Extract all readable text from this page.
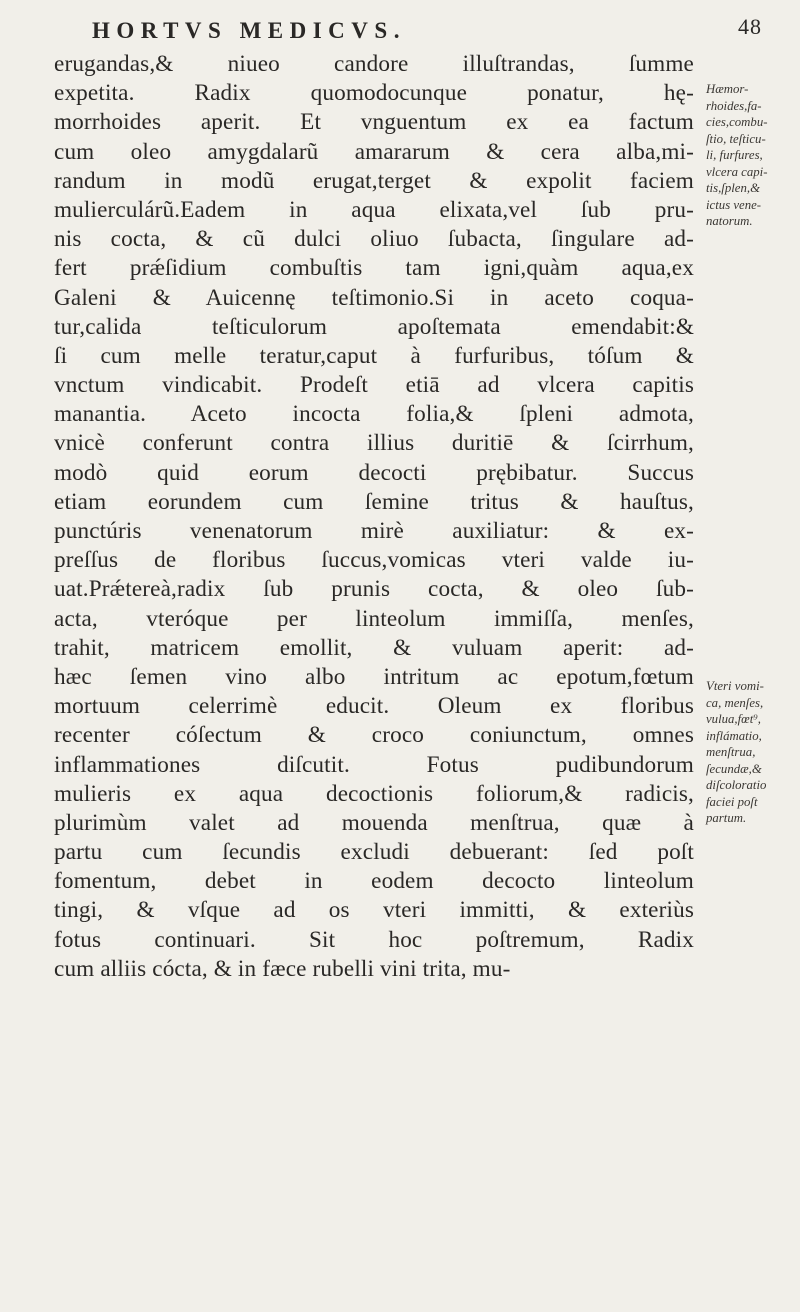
HORTVS MEDICVS.	48
erugandas,& niueo candore illuſtrandas, ſumme
expetita. Radix quomodocunque ponatur, hę-
morrhoides aperit. Et vnguentum ex ea factum
cum oleo amygdalarũ amararum & cera alba,mi-
randum in modũ erugat,terget & expolit faciem
mulierculárũ.Eadem in aqua elixata,vel ſub pru-
nis cocta, & cũ dulci oliuo ſubacta, ſingulare ad-
fert prǽſidium combuſtis tam igni,quàm aqua,ex
Galeni & Auicennę teſtimonio.Si in aceto coqua-
tur,calida teſticulorum apoſtemata emendabit:&
ſi cum melle teratur,caput à furfuribus, tóſum &
vnctum vindicabit. Prodeſt etiā ad vlcera capitis
manantia. Aceto incocta folia,& ſpleni admota,
vnicè conferunt contra illius duritiē & ſcirrhum,
modò quid eorum decocti prębibatur. Succus
etiam eorundem cum ſemine tritus & hauſtus,
punctúris venenatorum mirè auxiliatur: & ex-
preſſus de floribus ſuccus,vomicas vteri valde iu-
uat.Prǽtereà,radix ſub prunis cocta, & oleo ſub-
acta, vteróque per linteolum immiſſa, menſes,
trahit, matricem emollit, & vuluam aperit: ad-
hæc ſemen vino albo intritum ac epotum,fœtum
mortuum celerrimè educit. Oleum ex floribus
recenter cóſectum & croco coniunctum, omnes
inflammationes diſcutit. Fotus pudibundorum
mulieris ex aqua decoctionis foliorum,& radicis,
plurimùm valet ad mouenda menſtrua, quæ à
partu cum ſecundis excludi debuerant: ſed poſt
fomentum, debet in eodem decocto linteolum
tingi, & vſque ad os vteri immitti, & exteriùs
fotus continuari. Sit hoc poſtremum, Radix
cum alliis cócta, & in fæce rubelli vini trita, mu-
Hæmor-
rhoides,fa-
cies,combu-
ſtio, teſticu-
li, furfures,
vlcera capi-
tis,ſplen,&
ictus vene-
natorum.
Vteri vomi-
ca, menſes,
vulua,fœt⁹,
inflámatio,
menſtrua,
ſecundæ,&
diſcoloratio
faciei poſt
partum.
